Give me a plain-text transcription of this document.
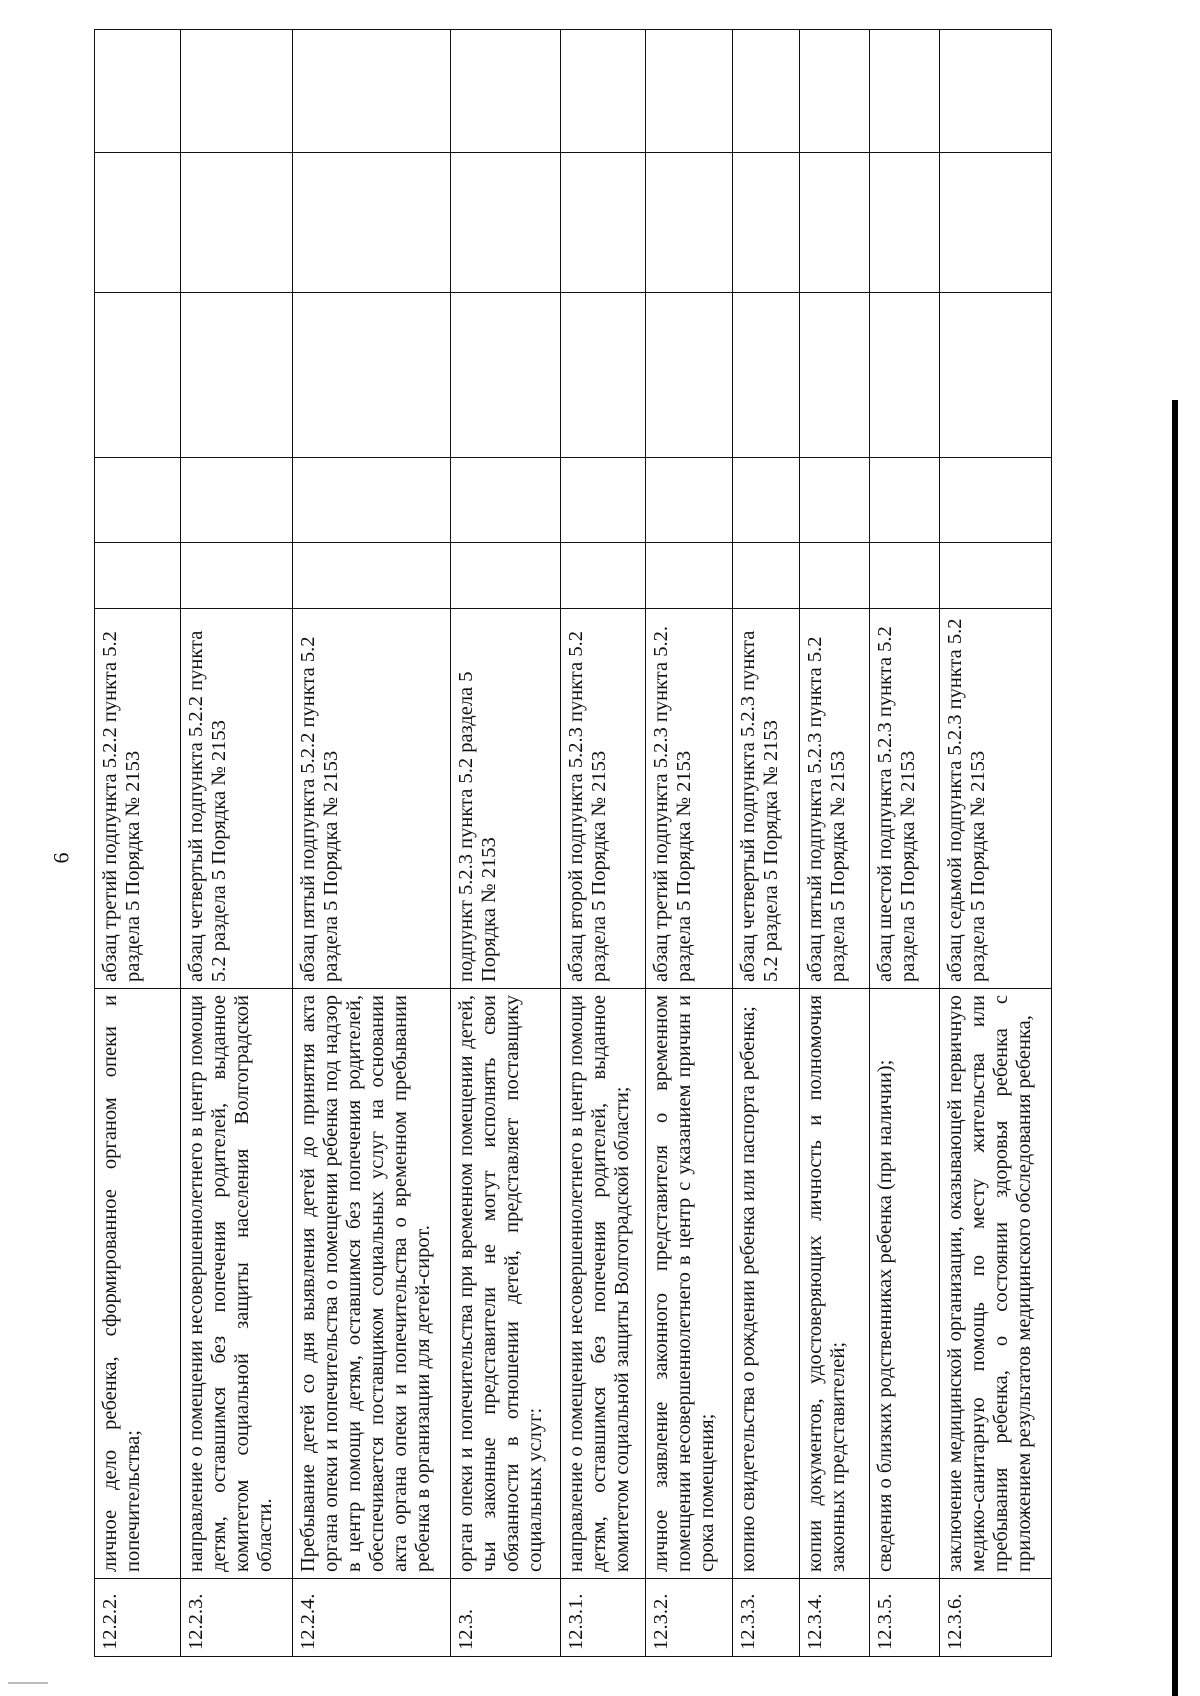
6
12.2.2.	личное дело ребенка, сформированное органом опеки и попечительства;	абзац третий подпункта 5.2.2 пункта 5.2 раздела 5 Порядка № 2153					
12.2.3.	направление о помещении несовершеннолетнего в центр помощи детям, оставшимся без попечения родителей, выданное комитетом социальной защиты населения Волгоградской области.	абзац четвертый подпункта 5.2.2 пункта 5.2 раздела 5 Порядка № 2153					
12.2.4.	Пребывание детей со дня выявления детей до принятия акта органа опеки и попечительства о помещении ребенка под надзор в центр помощи детям, оставшимся без попечения родителей, обеспечивается поставщиком социальных услуг на основании акта органа опеки и попечительства о временном пребывании ребенка в организации для детей-сирот.	абзац пятый подпункта 5.2.2 пункта 5.2 раздела 5 Порядка № 2153					
12.3.	орган опеки и попечительства при временном помещении детей, чьи законные представители не могут исполнять свои обязанности в отношении детей, представляет поставщику социальных услуг:	подпункт 5.2.3 пункта 5.2 раздела 5 Порядка № 2153					
12.3.1.	направление о помещении несовершеннолетнего в центр помощи детям, оставшимся без попечения родителей, выданное комитетом социальной защиты Волгоградской области;	абзац второй подпункта 5.2.3 пункта 5.2 раздела 5 Порядка № 2153					
12.3.2.	личное заявление законного представителя о временном помещении несовершеннолетнего в центр с указанием причин и срока помещения;	абзац третий подпункта 5.2.3 пункта 5.2. раздела 5 Порядка № 2153					
12.3.3.	копию свидетельства о рождении ребенка или паспорта ребенка;	абзац четвертый подпункта 5.2.3 пункта 5.2 раздела 5 Порядка № 2153					
12.3.4.	копии документов, удостоверяющих личность и полномочия законных представителей;	абзац пятый подпункта 5.2.3 пункта 5.2 раздела 5 Порядка № 2153					
12.3.5.	сведения о близких родственниках ребенка (при наличии);	абзац шестой подпункта 5.2.3 пункта 5.2 раздела 5 Порядка № 2153					
12.3.6.	заключение медицинской организации, оказывающей первичную медико-санитарную помощь по месту жительства или пребывания ребенка, о состоянии здоровья ребенка с приложением результатов медицинского обследования ребенка,	абзац седьмой подпункта 5.2.3 пункта 5.2 раздела 5 Порядка № 2153					
